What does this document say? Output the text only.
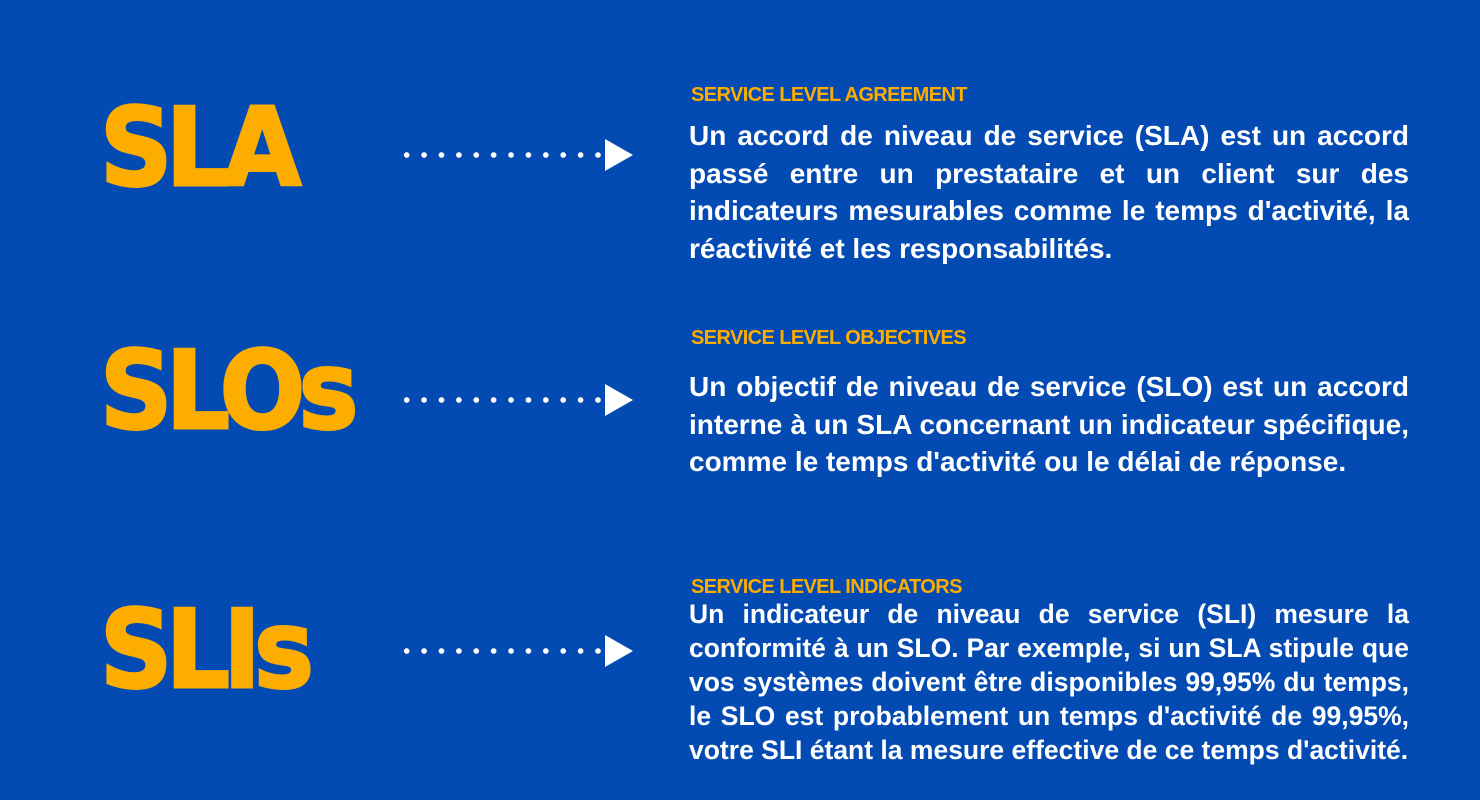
SLA	SERVICE LEVEL AGREEMENT

Un accord de niveau de service (SLA) est un accord passé entre un prestataire et un client sur des indicateurs mesurables comme le temps d'activité, la réactivité et les responsabilités.

SLOs	SERVICE LEVEL OBJECTIVES

Un objectif de niveau de service (SLO) est un accord interne à un SLA concernant un indicateur spécifique, comme le temps d'activité ou le délai de réponse.

SLIs
SERVICE LEVEL INDICATORS

Un indicateur de niveau de service (SLI) mesure la conformité à un SLO. Par exemple, si un SLA stipule que vos systèmes doivent être disponibles 99,95% du temps, le SLO est probablement un temps d'activité de 99,95%, votre SLI étant la mesure effective de ce temps d'activité.
